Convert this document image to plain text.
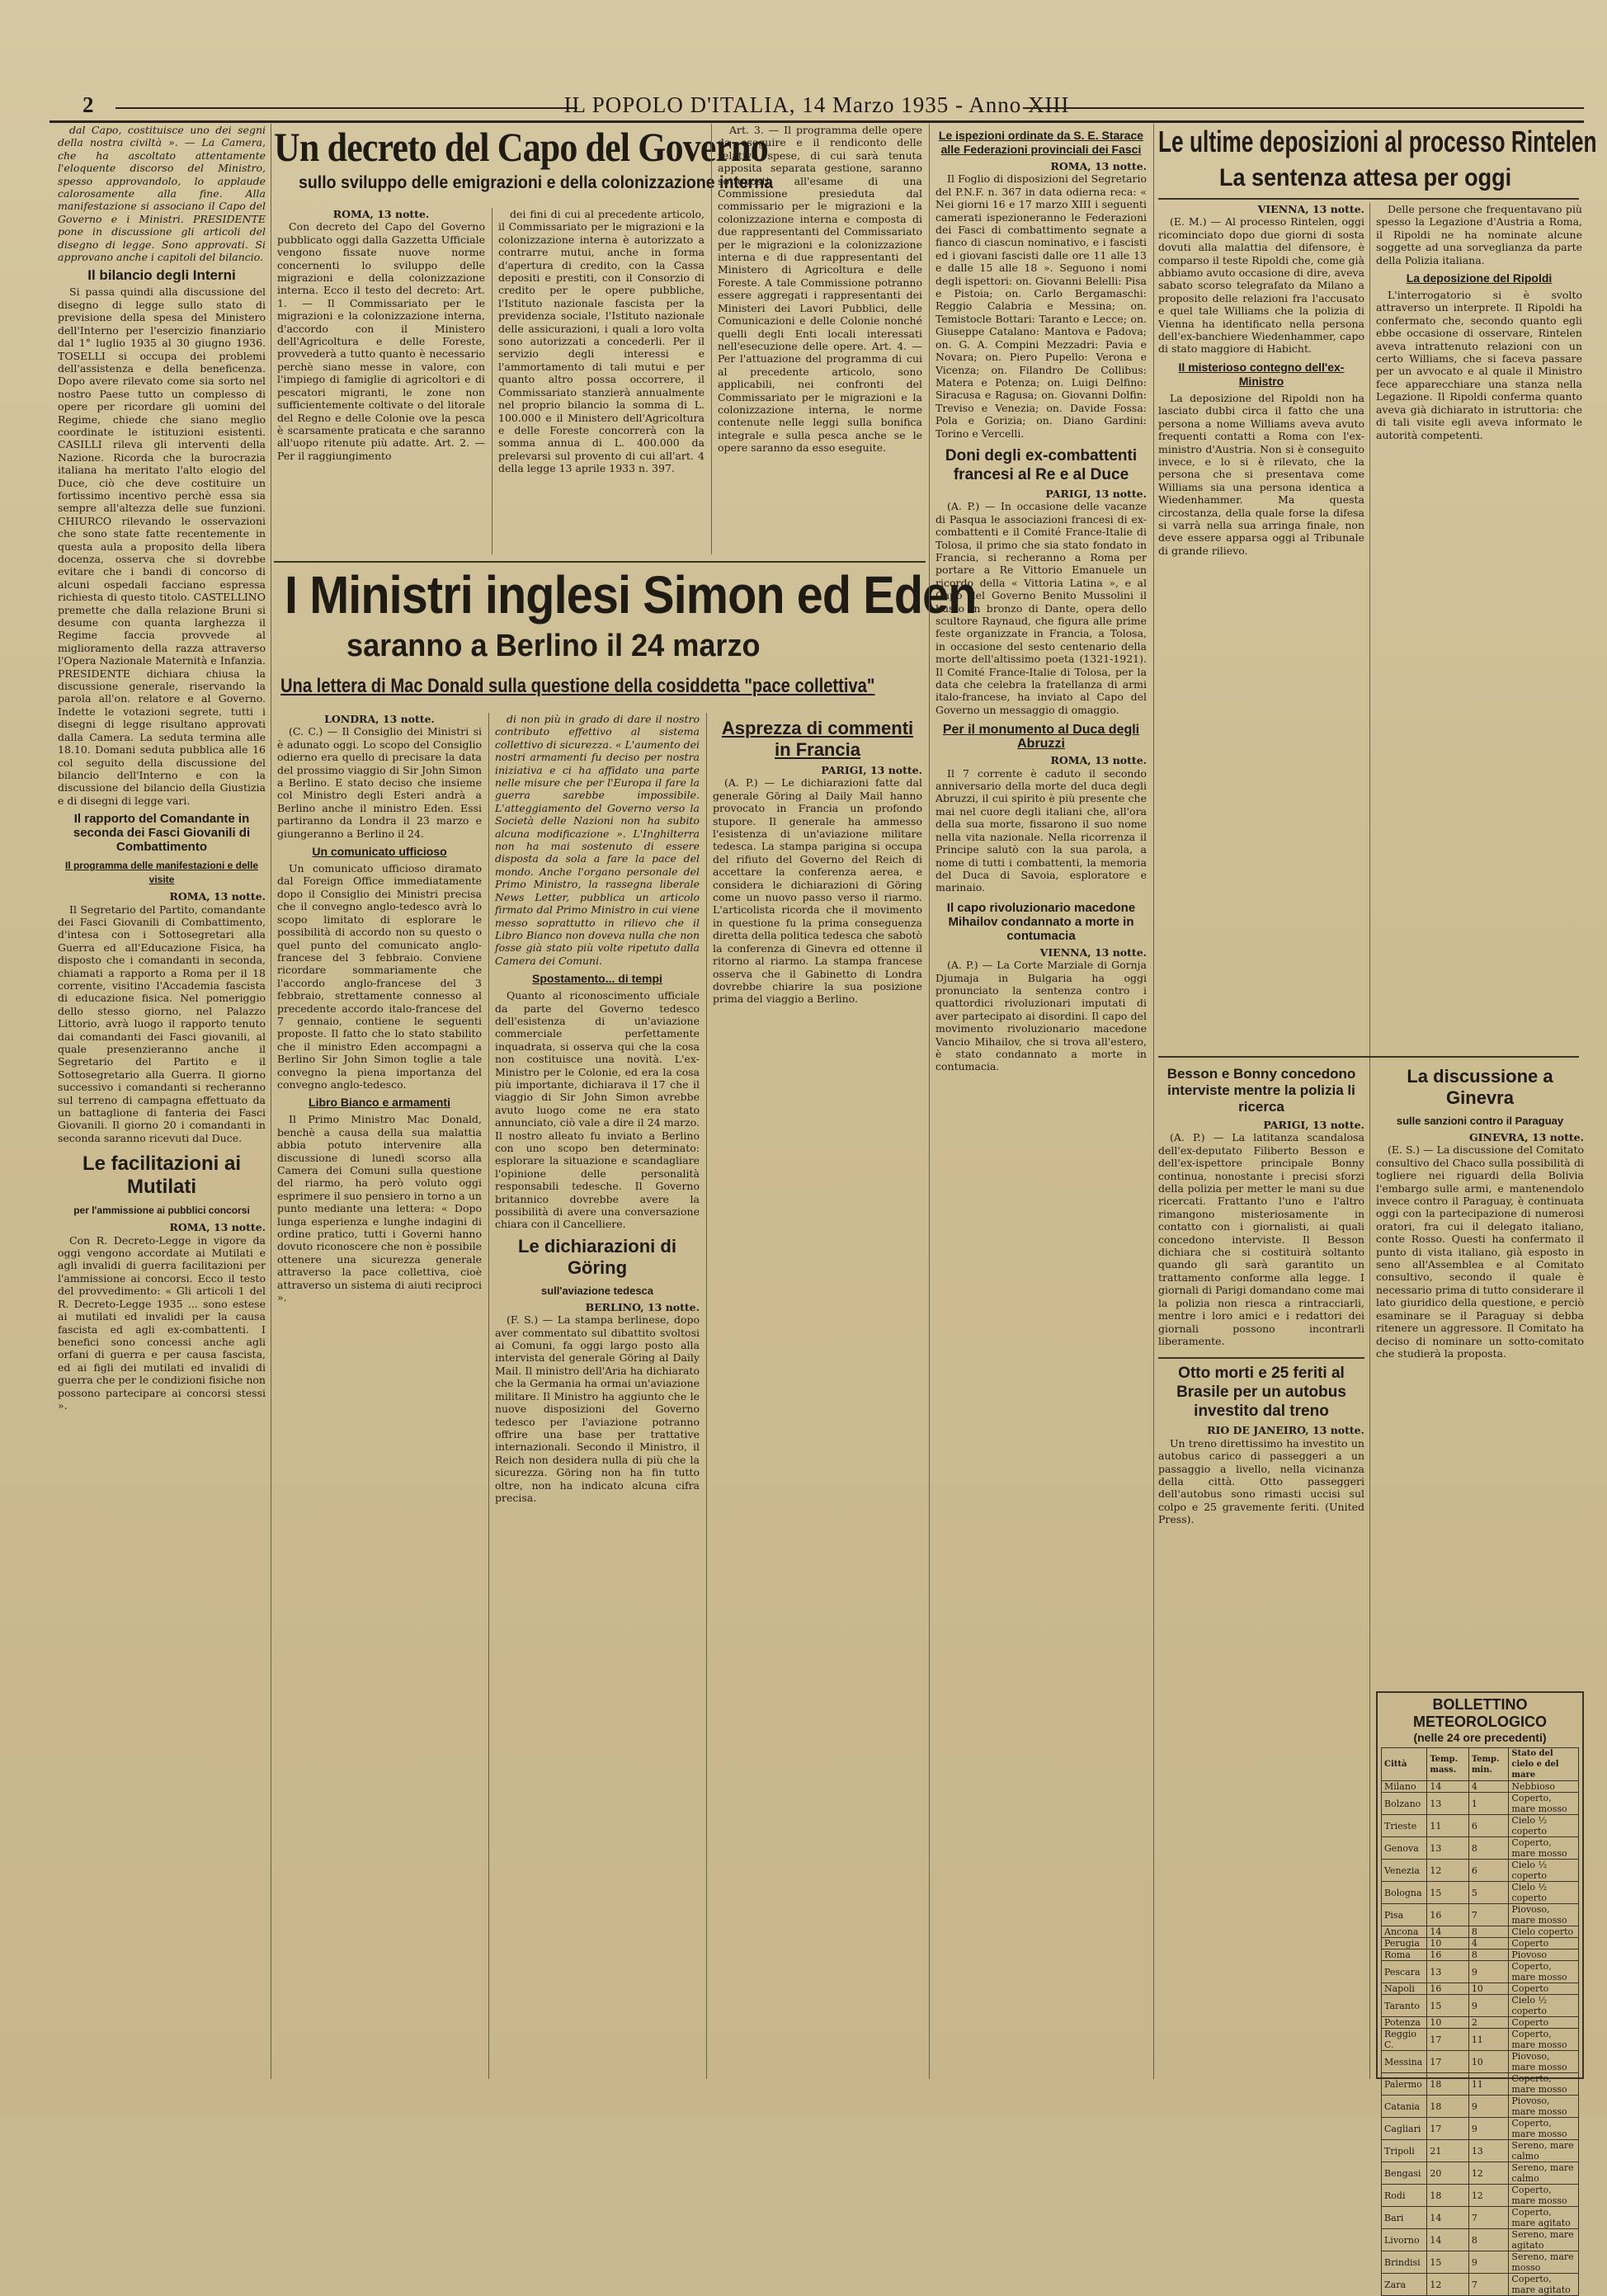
2	IL POPOLO D'ITALIA, 14 Marzo 1935 - Anno XIII

dal Capo, costituisce uno dei segni della nostra civiltà ». — La Camera, che ha ascoltato attentamente l'eloquente discorso del Ministro, spesso approvandolo, lo applaude calorosamente alla fine. Alla manifestazione si associano il Capo del Governo e i Ministri. PRESIDENTE pone in discussione gli articoli del disegno di legge. Sono approvati. Si approvano anche i capitoli del bilancio.

Il bilancio degli Interni

Si passa quindi alla discussione del disegno di legge sullo stato di previsione della spesa del Ministero dell'Interno per l'esercizio finanziario dal 1° luglio 1935 al 30 giugno 1936. TOSELLI si occupa dei problemi dell'assistenza e della beneficenza. Dopo avere rilevato come sia sorto nel nostro Paese tutto un complesso di opere per ricordare gli uomini del Regime, chiede che siano meglio coordinate le istituzioni esistenti. CASILLI rileva gli interventi della Nazione. Ricorda che la burocrazia italiana ha meritato l'alto elogio del Duce, ciò che deve costituire un fortissimo incentivo perchè essa sia sempre all'altezza delle sue funzioni. CHIURCO rilevando le osservazioni che sono state fatte recentemente in questa aula a proposito della libera docenza, osserva che si dovrebbe evitare che i bandi di concorso di alcuni ospedali facciano espressa richiesta di questo titolo. CASTELLINO premette che dalla relazione Bruni si desume con quanta larghezza il Regime faccia provvede al miglioramento della razza attraverso l'Opera Nazionale Maternità e Infanzia. PRESIDENTE dichiara chiusa la discussione generale, riservando la parola all'on. relatore e al Governo. Indette le votazioni segrete, tutti i disegni di legge risultano approvati dalla Camera. La seduta termina alle 18.10. Domani seduta pubblica alle 16 col seguito della discussione del bilancio dell'Interno e con la discussione del bilancio della Giustizia e di disegni di legge vari.

Il rapporto del Comandante in seconda dei Fasci Giovanili di Combattimento
Il programma delle manifestazioni e delle visite
ROMA, 13 notte.

Il Segretario del Partito, comandante dei Fasci Giovanili di Combattimento, d'intesa con i Sottosegretari alla Guerra ed all'Educazione Fisica, ha disposto che i comandanti in seconda, chiamati a rapporto a Roma per il 18 corrente, visitino l'Accademia fascista di educazione fisica. Nel pomeriggio dello stesso giorno, nel Palazzo Littorio, avrà luogo il rapporto tenuto dai comandanti dei Fasci giovanili, al quale presenzieranno anche il Segretario del Partito e il Sottosegretario alla Guerra. Il giorno successivo i comandanti si recheranno sul terreno di campagna effettuato da un battaglione di fanteria dei Fasci Giovanili. Il giorno 20 i comandanti in seconda saranno ricevuti dal Duce.

Le facilitazioni ai Mutilati
per l'ammissione ai pubblici concorsi
ROMA, 13 notte.

Con R. Decreto-Legge in vigore da oggi vengono accordate ai Mutilati e agli invalidi di guerra facilitazioni per l'ammissione ai concorsi. Ecco il testo del provvedimento: « Gli articoli 1 del R. Decreto-Legge 1935 ... sono estese ai mutilati ed invalidi per la causa fascista ed agli ex-combattenti. I benefici sono concessi anche agli orfani di guerra e per causa fascista, ed ai figli dei mutilati ed invalidi di guerra che per le condizioni fisiche non possono partecipare ai concorsi stessi ».

Un decreto del Capo del Governo
sullo sviluppo delle emigrazioni e della colonizzazione interna
ROMA, 13 notte.

Con decreto del Capo del Governo pubblicato oggi dalla Gazzetta Ufficiale vengono fissate nuove norme concernenti lo sviluppo delle migrazioni e della colonizzazione interna. Ecco il testo del decreto: Art. 1. — Il Commissariato per le migrazioni e la colonizzazione interna, d'accordo con il Ministero dell'Agricoltura e delle Foreste, provvederà a tutto quanto è necessario perchè siano messe in valore, con l'impiego di famiglie di agricoltori e di pescatori migranti, le zone non sufficientemente coltivate o del litorale del Regno e delle Colonie ove la pesca è scarsamente praticata e che saranno all'uopo ritenute più adatte. Art. 2. — Per il raggiungimento

dei fini di cui al precedente articolo, il Commissariato per le migrazioni e la colonizzazione interna è autorizzato a contrarre mutui, anche in forma d'apertura di credito, con la Cassa depositi e prestiti, con il Consorzio di credito per le opere pubbliche, l'Istituto nazionale fascista per la previdenza sociale, l'Istituto nazionale delle assicurazioni, i quali a loro volta sono autorizzati a concederli. Per il servizio degli interessi e l'ammortamento di tali mutui e per quanto altro possa occorrere, il Commissariato stanzierà annualmente nel proprio bilancio la somma di L. 100.000 e il Ministero dell'Agricoltura e delle Foreste concorrerà con la somma annua di L. 400.000 da prelevarsi sul provento di cui all'art. 4 della legge 13 aprile 1933 n. 397.

Art. 3. — Il programma delle opere da eseguire e il rendiconto delle relative spese, di cui sarà tenuta apposita separata gestione, saranno sottoposti all'esame di una Commissione presieduta dal commissario per le migrazioni e la colonizzazione interna e composta di due rappresentanti del Commissariato per le migrazioni e la colonizzazione interna e di due rappresentanti del Ministero di Agricoltura e delle Foreste. A tale Commissione potranno essere aggregati i rappresentanti dei Ministeri dei Lavori Pubblici, delle Comunicazioni e delle Colonie nonché quelli degli Enti locali interessati nell'esecuzione delle opere. Art. 4. — Per l'attuazione del programma di cui al precedente articolo, sono applicabili, nei confronti del Commissariato per le migrazioni e la colonizzazione interna, le norme contenute nelle leggi sulla bonifica integrale e sulla pesca anche se le opere saranno da esso eseguite.

I Ministri inglesi Simon ed Eden
saranno a Berlino il 24 marzo
Una lettera di Mac Donald sulla questione della cosiddetta "pace collettiva"
LONDRA, 13 notte.

(C. C.) — Il Consiglio dei Ministri si è adunato oggi. Lo scopo del Consiglio odierno era quello di precisare la data del prossimo viaggio di Sir John Simon a Berlino. E stato deciso che insieme col Ministro degli Esteri andrà a Berlino anche il ministro Eden. Essi partiranno da Londra il 23 marzo e giungeranno a Berlino il 24.

Un comunicato ufficioso

Un comunicato ufficioso diramato dal Foreign Office immediatamente dopo il Consiglio dei Ministri precisa che il convegno anglo-tedesco avrà lo scopo limitato di esplorare le possibilità di accordo non su questo o quel punto del comunicato anglo-francese del 3 febbraio. Conviene ricordare sommariamente che l'accordo anglo-francese del 3 febbraio, strettamente connesso al precedente accordo italo-francese del 7 gennaio, contiene le seguenti proposte. Il fatto che lo stato stabilito che il ministro Eden accompagni a Berlino Sir John Simon toglie a tale convegno la piena importanza del convegno anglo-tedesco.

Libro Bianco e armamenti

Il Primo Ministro Mac Donald, benchè a causa della sua malattia abbia potuto intervenire alla discussione di lunedì scorso alla Camera dei Comuni sulla questione del riarmo, ha però voluto oggi esprimere il suo pensiero in torno a un punto mediante una lettera: « Dopo lunga esperienza e lunghe indagini di ordine pratico, tutti i Governi hanno dovuto riconoscere che non è possibile ottenere una sicurezza generale attraverso la pace collettiva, cioè attraverso un sistema di aiuti reciproci ».

di non più in grado di dare il nostro contributo effettivo al sistema collettivo di sicurezza. « L'aumento dei nostri armamenti fu deciso per nostra iniziativa e ci ha affidato una parte nelle misure che per l'Europa il fare la guerra sarebbe impossibile. L'atteggiamento del Governo verso la Società delle Nazioni non ha subito alcuna modificazione ». L'Inghilterra non ha mai sostenuto di essere disposta da sola a fare la pace del mondo. Anche l'organo personale del Primo Ministro, la rassegna liberale News Letter, pubblica un articolo firmato dal Primo Ministro in cui viene messo soprattutto in rilievo che il Libro Bianco non doveva nulla che non fosse già stato più volte ripetuto dalla Camera dei Comuni.

Spostamento... di tempi

Quanto al riconoscimento ufficiale da parte del Governo tedesco dell'esistenza di un'aviazione commerciale perfettamente inquadrata, si osserva qui che la cosa non costituisce una novità. L'ex-Ministro per le Colonie, ed era la cosa più importante, dichiarava il 17 che il viaggio di Sir John Simon avrebbe avuto luogo come ne era stato annunciato, ciò vale a dire il 24 marzo. Il nostro alleato fu inviato a Berlino con uno scopo ben determinato: esplorare la situazione e scandagliare l'opinione delle personalità responsabili tedesche. Il Governo britannico dovrebbe avere la possibilità di avere una conversazione chiara con il Cancelliere.

Le dichiarazioni di Göring
sull'aviazione tedesca
BERLINO, 13 notte.

(F. S.) — La stampa berlinese, dopo aver commentato sul dibattito svoltosi ai Comuni, fa oggi largo posto alla intervista del generale Göring al Daily Mail. Il ministro dell'Aria ha dichiarato che la Germania ha ormai un'aviazione militare. Il Ministro ha aggiunto che le nuove disposizioni del Governo tedesco per l'aviazione potranno offrire una base per trattative internazionali. Secondo il Ministro, il Reich non desidera nulla di più che la sicurezza. Göring non ha fin tutto oltre, non ha indicato alcuna cifra precisa.

Asprezza di commenti in Francia
PARIGI, 13 notte.

(A. P.) — Le dichiarazioni fatte dal generale Göring al Daily Mail hanno provocato in Francia un profondo stupore. Il generale ha ammesso l'esistenza di un'aviazione militare tedesca. La stampa parigina si occupa del rifiuto del Governo del Reich di accettare la conferenza aerea, e considera le dichiarazioni di Göring come un nuovo passo verso il riarmo. L'articolista ricorda che il movimento in questione fu la prima conseguenza diretta della politica tedesca che sabotò la conferenza di Ginevra ed ottenne il ritorno al riarmo. La stampa francese osserva che il Gabinetto di Londra dovrebbe chiarire la sua posizione prima del viaggio a Berlino.

Le ispezioni ordinate da S. E. Starace alle Federazioni provinciali dei Fasci
ROMA, 13 notte.

Il Foglio di disposizioni del Segretario del P.N.F. n. 367 in data odierna reca: « Nei giorni 16 e 17 marzo XIII i seguenti camerati ispezioneranno le Federazioni dei Fasci di combattimento segnate a fianco di ciascun nominativo, e i fascisti ed i giovani fascisti dalle ore 11 alle 13 e dalle 15 alle 18 ». Seguono i nomi degli ispettori: on. Giovanni Belelli: Pisa e Pistoia; on. Carlo Bergamaschi: Reggio Calabria e Messina; on. Temistocle Bottari: Taranto e Lecce; on. Giuseppe Catalano: Mantova e Padova; on. G. A. Compini Mezzadri: Pavia e Novara; on. Piero Pupello: Verona e Vicenza; on. Filandro De Collibus: Matera e Potenza; on. Luigi Delfino: Siracusa e Ragusa; on. Giovanni Dolfin: Treviso e Venezia; on. Davide Fossa: Pola e Gorizia; on. Diano Gardini: Torino e Vercelli.

Doni degli ex-combattenti francesi al Re e al Duce
PARIGI, 13 notte.

(A. P.) — In occasione delle vacanze di Pasqua le associazioni francesi di ex-combattenti e il Comité France-Italie di Tolosa, il primo che sia stato fondato in Francia, si recheranno a Roma per portare a Re Vittorio Emanuele un ricordo della « Vittoria Latina », e al Capo del Governo Benito Mussolini il busto in bronzo di Dante, opera dello scultore Raynaud, che figura alle prime feste organizzate in Francia, a Tolosa, in occasione del sesto centenario della morte dell'altissimo poeta (1321-1921). Il Comité France-Italie di Tolosa, per la data che celebra la fratellanza di armi italo-francese, ha inviato al Capo del Governo un messaggio di omaggio.

Per il monumento al Duca degli Abruzzi
ROMA, 13 notte.

Il 7 corrente è caduto il secondo anniversario della morte del duca degli Abruzzi, il cui spirito è più presente che mai nel cuore degli italiani che, all'ora della sua morte, fissarono il suo nome nella vita nazionale. Nella ricorrenza il Principe salutò con la sua parola, a nome di tutti i combattenti, la memoria del Duca di Savoia, esploratore e marinaio.

Il capo rivoluzionario macedone Mihailov condannato a morte in contumacia
VIENNA, 13 notte.

(A. P.) — La Corte Marziale di Gornja Djumaja in Bulgaria ha oggi pronunciato la sentenza contro i quattordici rivoluzionari imputati di aver partecipato ai disordini. Il capo del movimento rivoluzionario macedone Vancio Mihailov, che si trova all'estero, è stato condannato a morte in contumacia.

Le ultime deposizioni al processo Rintelen
La sentenza attesa per oggi
VIENNA, 13 notte.

(E. M.) — Al processo Rintelen, oggi ricominciato dopo due giorni di sosta dovuti alla malattia del difensore, è comparso il teste Ripoldi che, come già abbiamo avuto occasione di dire, aveva sabato scorso telegrafato da Milano a proposito delle relazioni fra l'accusato e quel tale Williams che la polizia di Vienna ha identificato nella persona dell'ex-banchiere Wiedenhammer, capo di stato maggiore di Habicht.

Il misterioso contegno dell'ex-Ministro

La deposizione del Ripoldi non ha lasciato dubbi circa il fatto che una persona a nome Williams aveva avuto frequenti contatti a Roma con l'ex-ministro d'Austria. Non si è conseguito invece, e lo si è rilevato, che la persona che si presentava come Williams sia una persona identica a Wiedenhammer. Ma questa circostanza, della quale forse la difesa si varrà nella sua arringa finale, non deve essere apparsa oggi al Tribunale di grande rilievo.

Delle persone che frequentavano più spesso la Legazione d'Austria a Roma, il Ripoldi ne ha nominate alcune soggette ad una sorveglianza da parte della Polizia italiana.

La deposizione del Ripoldi

L'interrogatorio si è svolto attraverso un interprete. Il Ripoldi ha confermato che, secondo quanto egli ebbe occasione di osservare, Rintelen aveva intrattenuto relazioni con un certo Williams, che si faceva passare per un avvocato e al quale il Ministro fece apparecchiare una stanza nella Legazione. Il Ripoldi conferma quanto aveva già dichiarato in istruttoria: che di tali visite egli aveva informato le autorità competenti.

Besson e Bonny concedono interviste mentre la polizia li ricerca
PARIGI, 13 notte.

(A. P.) — La latitanza scandalosa dell'ex-deputato Filiberto Besson e dell'ex-ispettore principale Bonny continua, nonostante i precisi sforzi della polizia per metter le mani su due ricercati. Frattanto l'uno e l'altro rimangono misteriosamente in contatto con i giornalisti, ai quali concedono interviste. Il Besson dichiara che si costituirà soltanto quando gli sarà garantito un trattamento conforme alla legge. I giornali di Parigi domandano come mai la polizia non riesca a rintracciarli, mentre i loro amici e i redattori dei giornali possono incontrarli liberamente.

Otto morti e 25 feriti al Brasile per un autobus investito dal treno
RIO DE JANEIRO, 13 notte.

Un treno direttissimo ha investito un autobus carico di passeggeri a un passaggio a livello, nella vicinanza della città. Otto passeggeri dell'autobus sono rimasti uccisi sul colpo e 25 gravemente feriti. (United Press).

La discussione a Ginevra
sulle sanzioni contro il Paraguay
GINEVRA, 13 notte.

(E. S.) — La discussione del Comitato consultivo del Chaco sulla possibilità di togliere nei riguardi della Bolivia l'embargo sulle armi, e mantenendolo invece contro il Paraguay, è continuata oggi con la partecipazione di numerosi oratori, fra cui il delegato italiano, conte Rosso. Questi ha confermato il punto di vista italiano, già esposto in seno all'Assemblea e al Comitato consultivo, secondo il quale è necessario prima di tutto considerare il lato giuridico della questione, e perciò esaminare se il Paraguay si debba ritenere un aggressore. Il Comitato ha deciso di nominare un sotto-comitato che studierà la proposta.

BOLLETTINO METEOROLOGICO
(nelle 24 ore precedenti)
Città	Temp. mass.	Temp. min.	Stato del cielo e del mare
Milano	14	4	Nebbioso
Bolzano	13	1	Coperto, mare mosso
Trieste	11	6	Cielo ½ coperto
Genova	13	8	Coperto, mare mosso
Venezia	12	6	Cielo ½ coperto
Bologna	15	5	Cielo ½ coperto
Pisa	16	7	Piovoso, mare mosso
Ancona	14	8	Cielo coperto
Perugia	10	4	Coperto
Roma	16	8	Piovoso
Pescara	13	9	Coperto, mare mosso
Napoli	16	10	Coperto
Taranto	15	9	Cielo ½ coperto
Potenza	10	2	Coperto
Reggio C.	17	11	Coperto, mare mosso
Messina	17	10	Piovoso, mare mosso
Palermo	18	11	Coperto, mare mosso
Catania	18	9	Piovoso, mare mosso
Cagliari	17	9	Coperto, mare mosso
Tripoli	21	13	Sereno, mare calmo
Bengasi	20	12	Sereno, mare calmo
Rodi	18	12	Coperto, mare mosso
Bari	14	7	Coperto, mare agitato
Livorno	14	8	Sereno, mare agitato
Brindisi	15	9	Sereno, mare mosso
Zara	12	7	Coperto, mare agitato
